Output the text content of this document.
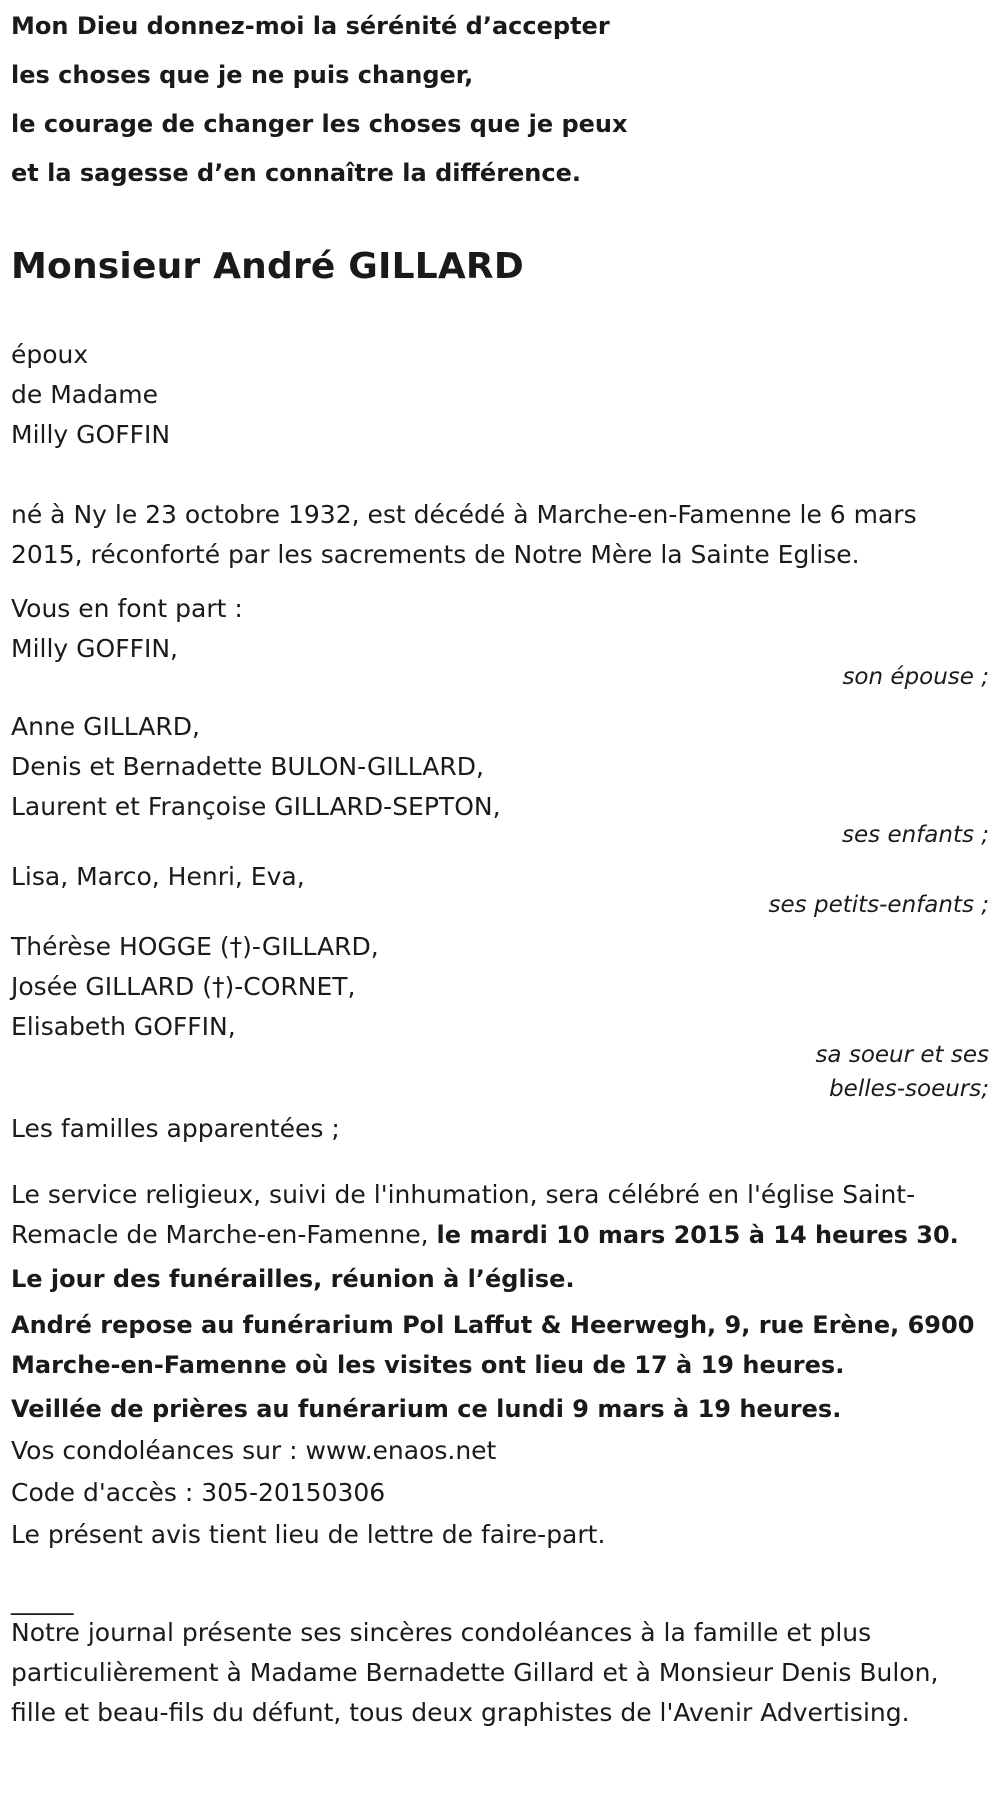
Mon Dieu donnez-moi la sérénité d’accepter
les choses que je ne puis changer,
le courage de changer les choses que je peux
et la sagesse d’en connaître la différence.
Monsieur André GILLARD
époux
de Madame
Milly GOFFIN
né à Ny le 23 octobre 1932, est décédé à Marche-en-Famenne le 6 mars 2015, réconforté par les sacrements de Notre Mère la Sainte Eglise.
Vous en font part :
Milly GOFFIN,
son épouse ;
Anne GILLARD,
Denis et Bernadette BULON-GILLARD,
Laurent et Françoise GILLARD-SEPTON,
ses enfants ;
Lisa, Marco, Henri, Eva,
ses petits-enfants ;
Thérèse HOGGE (†)-GILLARD,
Josée GILLARD (†)-CORNET,
Elisabeth GOFFIN,
sa soeur et ses
belles-soeurs;
Les familles apparentées ;
Le service religieux, suivi de l'inhumation, sera célébré en l'église Saint-Remacle de Marche-en-Famenne, le mardi 10 mars 2015 à 14 heures 30.
Le jour des funérailles, réunion à l’église.
André repose au funérarium Pol Laffut & Heerwegh, 9, rue Erène, 6900 Marche-en-Famenne où les visites ont lieu de 17 à 19 heures.
Veillée de prières au funérarium ce lundi 9 mars à 19 heures.
Vos condoléances sur : www.enaos.net
Code d'accès : 305-20150306
Le présent avis tient lieu de lettre de faire-part.
_____
Notre journal présente ses sincères condoléances à la famille et plus particulièrement à Madame Bernadette Gillard et à Monsieur Denis Bulon, fille et beau-fils du défunt, tous deux graphistes de l'Avenir Advertising.
